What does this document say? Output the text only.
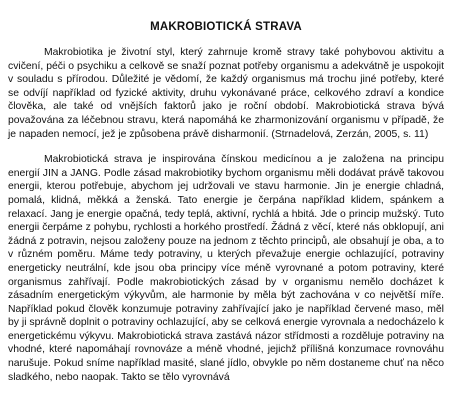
MAKROBIOTICKÁ STRAVA

Makrobiotika je životní styl, který zahrnuje kromě stravy také pohybovou aktivitu a cvičení, péči o psychiku a celkově se snaží poznat potřeby organismu a adekvátně je uspokojit v souladu s přírodou. Důležité je vědomí, že každý organismus má trochu jiné potřeby, které se odvíjí například od fyzické aktivity, druhu vykonávané práce, celkového zdraví a kondice člověka, ale také od vnějších faktorů jako je roční období. Makrobiotická strava bývá považována za léčebnou stravu, která napomáhá ke zharmonizování organismu v případě, že je napaden nemocí, jež je způsobena právě disharmonií. (Strnadelová, Zerzán, 2005, s. 11)

Makrobiotická strava je inspirována čínskou medicínou a je založena na principu energií JIN a JANG. Podle zásad makrobiotiky bychom organismu měli dodávat právě takovou energii, kterou potřebuje, abychom jej udržovali ve stavu harmonie. Jin je energie chladná, pomalá, klidná, měkká a ženská. Tato energie je čerpána například klidem, spánkem a relaxací. Jang je energie opačná, tedy teplá, aktivní, rychlá a hbitá. Jde o princip mužský. Tuto energii čerpáme z pohybu, rychlosti a horkého prostředí. Žádná z věcí, které nás obklopují, ani žádná z potravin, nejsou založeny pouze na jednom z těchto principů, ale obsahují je oba, a to v různém poměru. Máme tedy potraviny, u kterých převažuje energie ochlazující, potraviny energeticky neutrální, kde jsou oba principy více méně vyrovnané a potom potraviny, které organismus zahřívají. Podle makrobiotických zásad by v organismu nemělo docházet k zásadním energetickým výkyvům, ale harmonie by měla být zachována v co největší míře. Například pokud člověk konzumuje potraviny zahřívající jako je například červené maso, měl by ji správně doplnit o potraviny ochlazující, aby se celková energie vyrovnala a nedocházelo k energetickému výkyvu. Makrobiotická strava zastává názor střídmosti a rozděluje potraviny na vhodné, které napomáhají rovnováze a méně vhodné, jejichž přílišná konzumace rovnováhu narušuje. Pokud sníme například masité, slané jídlo, obvykle po něm dostaneme chuť na něco sladkého, nebo naopak. Takto se tělo vyrovnává
